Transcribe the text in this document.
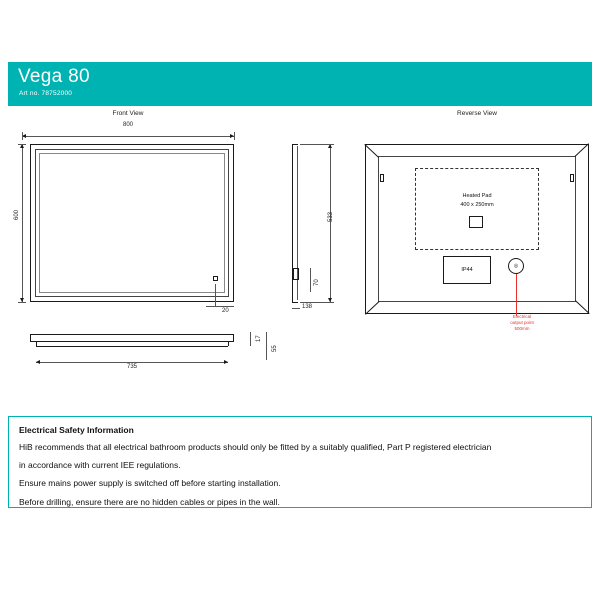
Vega 80
Art no. 78752000
Front View
800
600
20
735
17
55
533
70
138
Reverse View
Heated Pad
400 x 250mm
IP44
◎
Electrical
output point
500mm
Electrical Safety Information

HiB recommends that all electrical bathroom products should only be fitted by a suitably qualified, Part P registered electrician

in accordance with current IEE regulations.

Ensure mains power supply is switched off before starting installation.

Before drilling, ensure there are no hidden cables or pipes in the wall.
